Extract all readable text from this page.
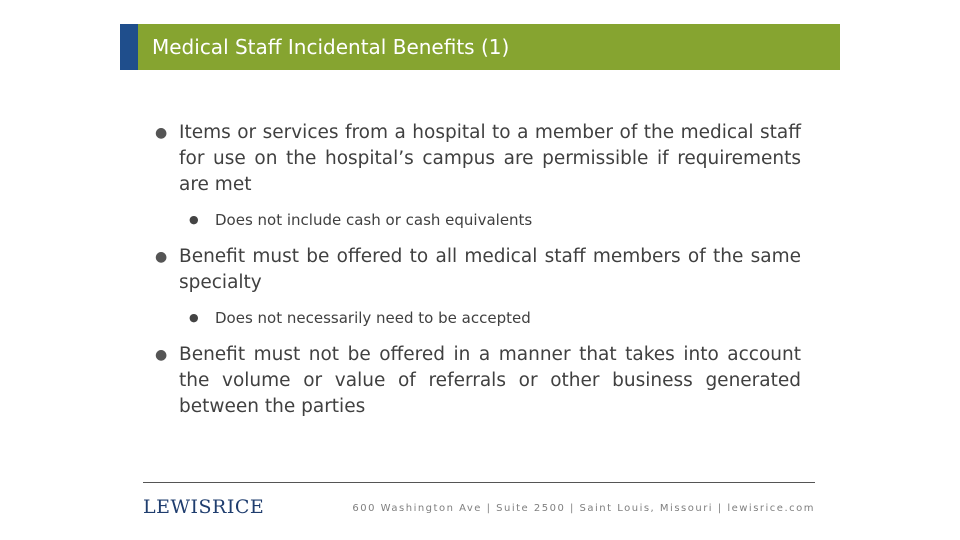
Medical Staff Incidental Benefits (1)
● Items or services from a hospital to a member of the medical staff for use on the hospital’s campus are permissible if requirements are met
● Does not include cash or cash equivalents
● Benefit must be offered to all medical staff members of the same specialty
● Does not necessarily need to be accepted
● Benefit must not be offered in a manner that takes into account the volume or value of referrals or other business generated between the parties
LEWISRICE	600 Washington Ave | Suite 2500 | Saint Louis, Missouri | lewisrice.com
